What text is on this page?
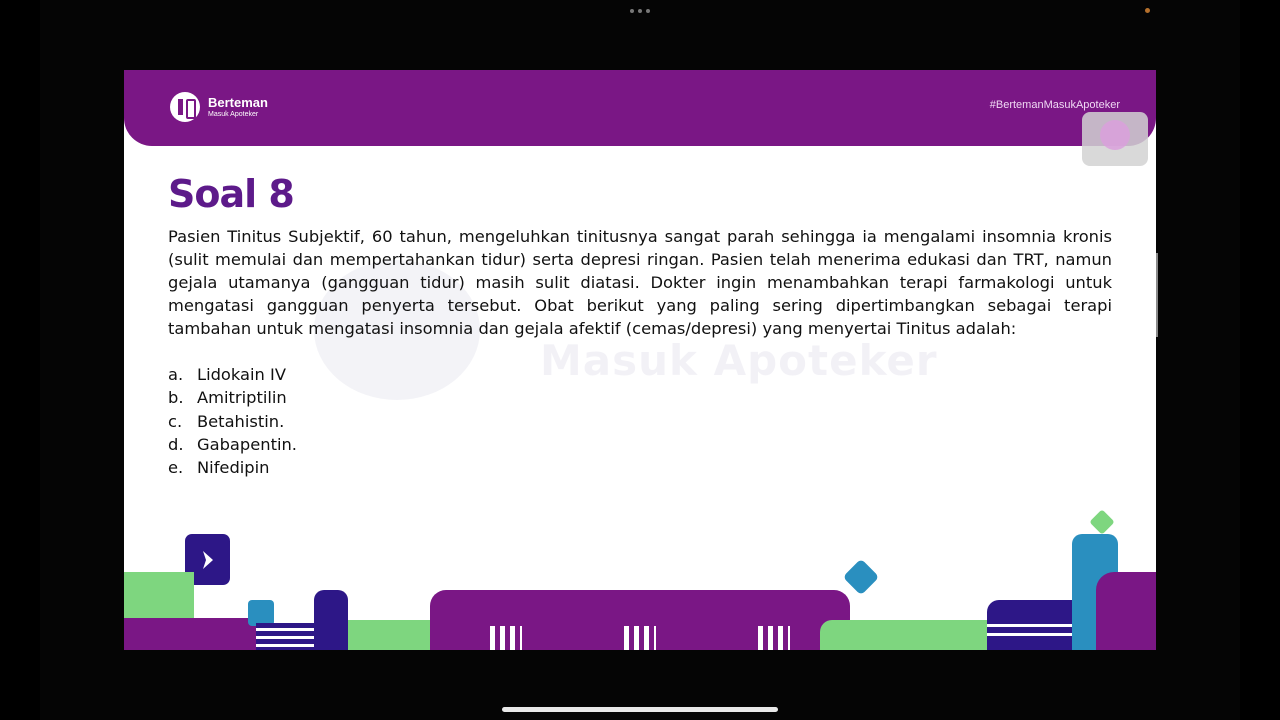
Berteman
Masuk Apoteker
#BertemanMasukApoteker
Masuk Apoteker
Soal 8
Pasien Tinitus Subjektif, 60 tahun, mengeluhkan tinitusnya sangat parah sehingga ia mengalami insomnia kronis (sulit memulai dan mempertahankan tidur) serta depresi ringan. Pasien telah menerima edukasi dan TRT, namun gejala utamanya (gangguan tidur) masih sulit diatasi. Dokter ingin menambahkan terapi farmakologi untuk mengatasi gangguan penyerta tersebut. Obat berikut yang paling sering dipertimbangkan sebagai terapi tambahan untuk mengatasi insomnia dan gejala afektif (cemas/depresi) yang menyertai Tinitus adalah:
a. Lidokain IV
b. Amitriptilin
c. Betahistin.
d. Gabapentin.
e. Nifedipin
